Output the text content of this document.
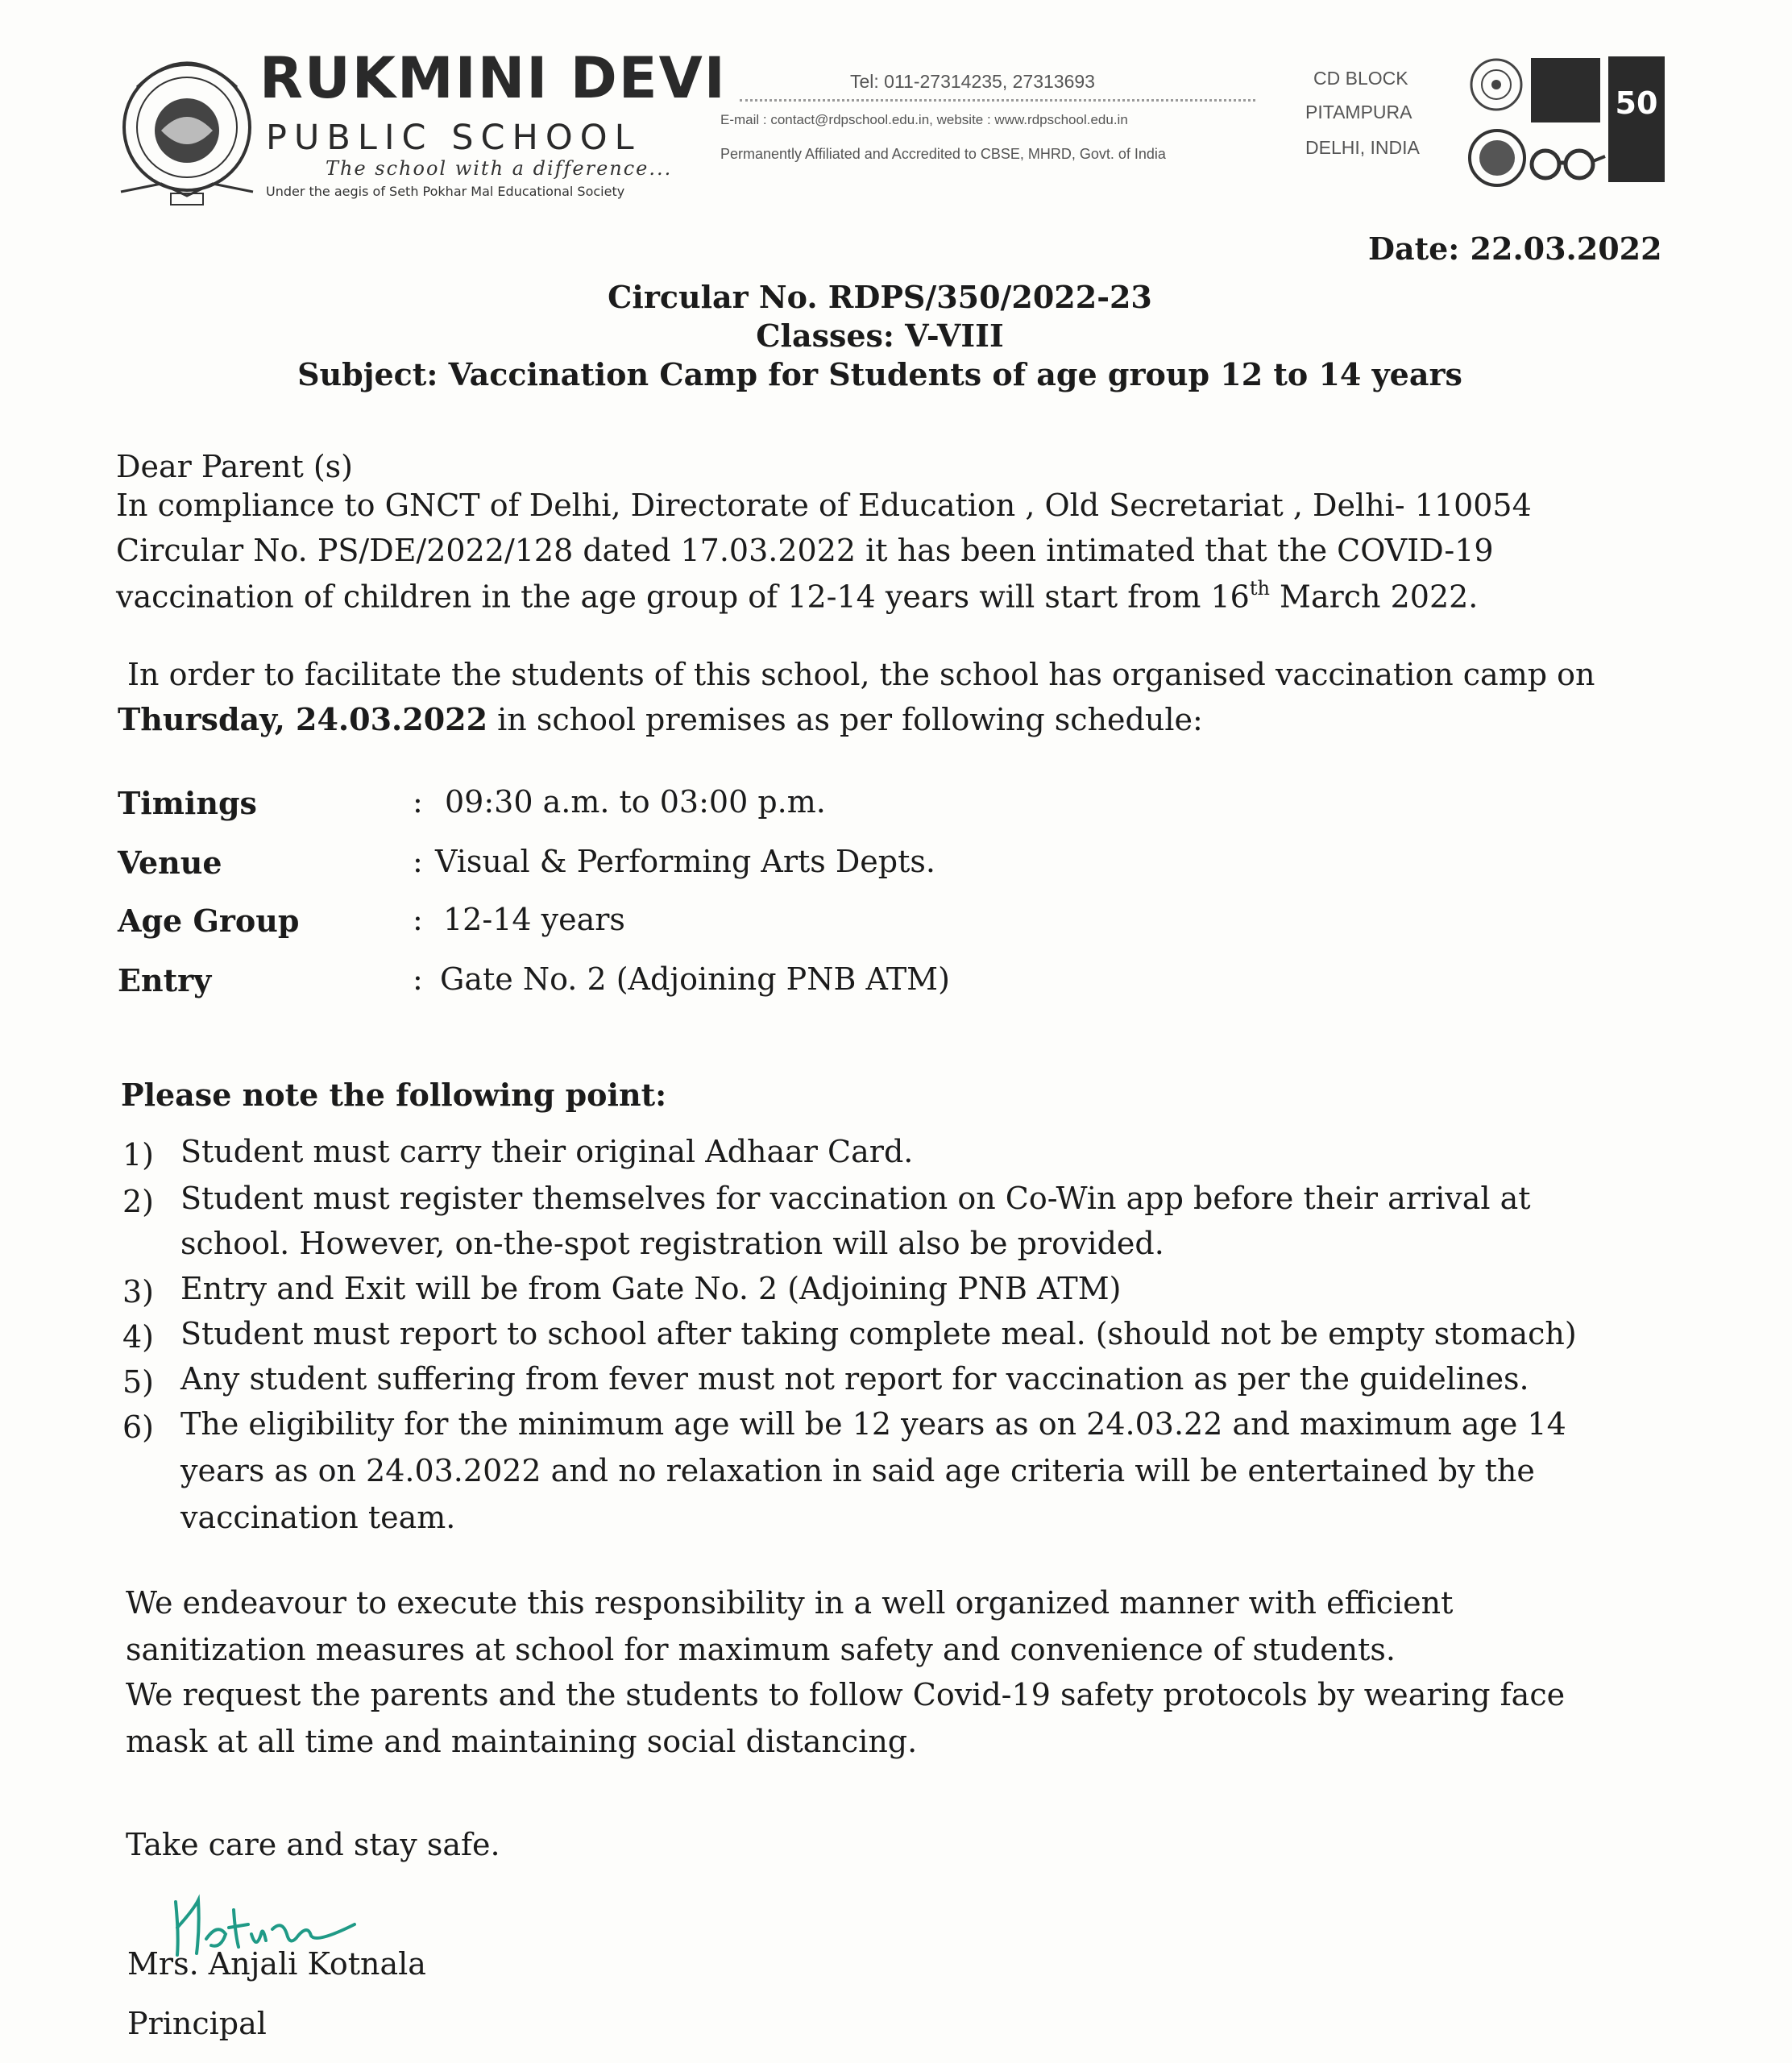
RUKMINI DEVI
PUBLIC SCHOOL
The school with a difference...
Under the aegis of Seth Pokhar Mal Educational Society
Tel: 011-27314235, 27313693
E-mail : contact@rdpschool.edu.in, website : www.rdpschool.edu.in
Permanently Affiliated and Accredited to CBSE, MHRD, Govt. of India
CD BLOCK
PITAMPURA
DELHI, INDIA
50
Date: 22.03.2022
Circular No. RDPS/350/2022-23
Classes: V-VIII
Subject: Vaccination Camp for Students of age group 12 to 14 years
Dear Parent (s)
In compliance to GNCT of Delhi, Directorate of Education , Old Secretariat , Delhi- 110054
Circular No. PS/DE/2022/128 dated 17.03.2022 it has been intimated that the COVID-19
vaccination of children in the age group of 12-14 years will start from 16th March 2022.
In order to facilitate the students of this school, the school has organised vaccination camp on
Thursday, 24.03.2022 in school premises as per following schedule:
Timings	: 09:30 a.m. to 03:00 p.m.
Venue	: Visual & Performing Arts Depts.
Age Group	: 12-14 years
Entry	: Gate No. 2 (Adjoining PNB ATM)
Please note the following point:
1) Student must carry their original Adhaar Card.
2) Student must register themselves for vaccination on Co-Win app before their arrival at
school. However, on-the-spot registration will also be provided.
3) Entry and Exit will be from Gate No. 2 (Adjoining PNB ATM)
4) Student must report to school after taking complete meal. (should not be empty stomach)
5) Any student suffering from fever must not report for vaccination as per the guidelines.
6) The eligibility for the minimum age will be 12 years as on 24.03.22 and maximum age 14
years as on 24.03.2022 and no relaxation in said age criteria will be entertained by the
vaccination team.
We endeavour to execute this responsibility in a well organized manner with efficient
sanitization measures at school for maximum safety and convenience of students.
We request the parents and the students to follow Covid-19 safety protocols by wearing face
mask at all time and maintaining social distancing.
Take care and stay safe.
Mrs. Anjali Kotnala
Principal
